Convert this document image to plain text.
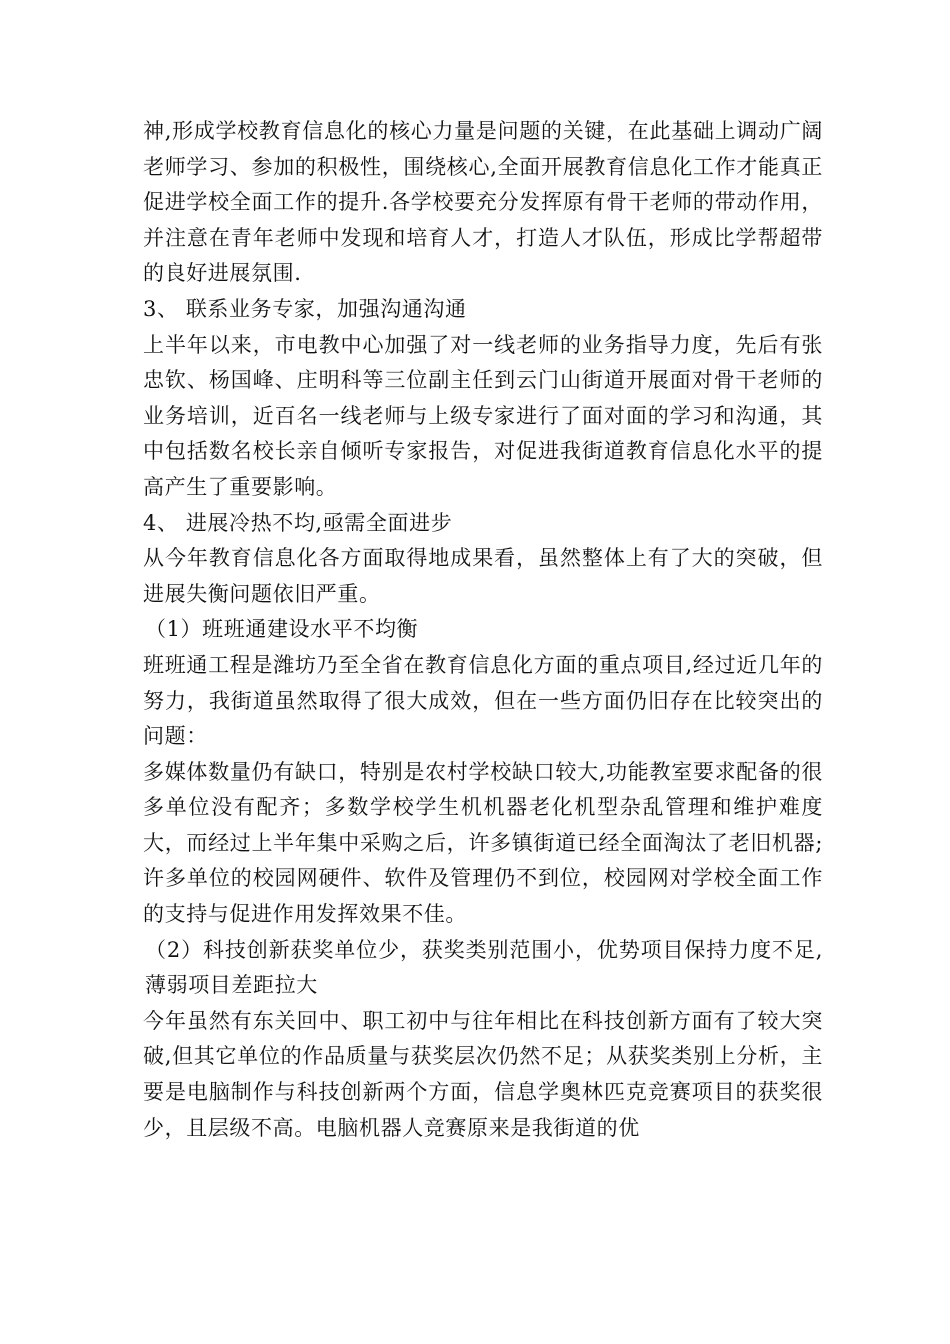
神,形成学校教育信息化的核心力量是问题的关键，在此基础上调动广阔老师学习、参加的积极性，围绕核心,全面开展教育信息化工作才能真正促进学校全面工作的提升.各学校要充分发挥原有骨干老师的带动作用，并注意在青年老师中发现和培育人才，打造人才队伍，形成比学帮超带的良好进展氛围.

3、 联系业务专家，加强沟通沟通

上半年以来，市电教中心加强了对一线老师的业务指导力度，先后有张忠钦、杨国峰、庄明科等三位副主任到云门山街道开展面对骨干老师的业务培训，近百名一线老师与上级专家进行了面对面的学习和沟通，其中包括数名校长亲自倾听专家报告，对促进我街道教育信息化水平的提高产生了重要影响。

4、 进展冷热不均,亟需全面进步

从今年教育信息化各方面取得地成果看，虽然整体上有了大的突破，但进展失衡问题依旧严重。

（1）班班通建设水平不均衡

班班通工程是潍坊乃至全省在教育信息化方面的重点项目,经过近几年的努力，我街道虽然取得了很大成效，但在一些方面仍旧存在比较突出的问题：

多媒体数量仍有缺口，特别是农村学校缺口较大,功能教室要求配备的很多单位没有配齐；多数学校学生机机器老化机型杂乱管理和维护难度大，而经过上半年集中采购之后，许多镇街道已经全面淘汰了老旧机器;许多单位的校园网硬件、软件及管理仍不到位，校园网对学校全面工作的支持与促进作用发挥效果不佳。

（2）科技创新获奖单位少，获奖类别范围小，优势项目保持力度不足,薄弱项目差距拉大

今年虽然有东关回中、职工初中与往年相比在科技创新方面有了较大突破,但其它单位的作品质量与获奖层次仍然不足；从获奖类别上分析，主要是电脑制作与科技创新两个方面，信息学奥林匹克竞赛项目的获奖很少，且层级不高。电脑机器人竞赛原来是我街道的优
